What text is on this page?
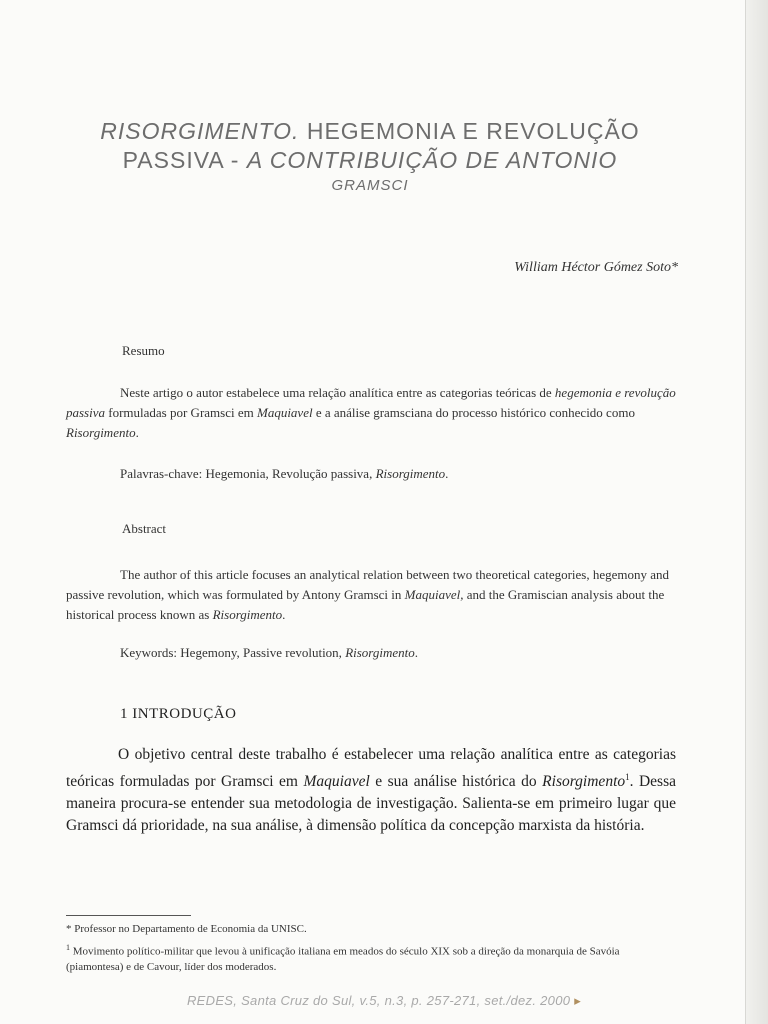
RISORGIMENTO. HEGEMONIA E REVOLUÇÃO
PASSIVA - A CONTRIBUIÇÃO DE ANTONIO
GRAMSCI
William Héctor Gómez Soto*
Resumo
Neste artigo o autor estabelece uma relação analítica entre as categorias teóricas de hegemonia e revolução passiva formuladas por Gramsci em Maquiavel e a análise gramsciana do processo histórico conhecido como Risorgimento.
Palavras-chave: Hegemonia, Revolução passiva, Risorgimento.
Abstract
The author of this article focuses an analytical relation between two theoretical categories, hegemony and passive revolution, which was formulated by Antony Gramsci in Maquiavel, and the Gramiscian analysis about the historical process known as Risorgimento.
Keywords: Hegemony, Passive revolution, Risorgimento.
1 INTRODUÇÃO
O objetivo central deste trabalho é estabelecer uma relação analítica entre as categorias teóricas formuladas por Gramsci em Maquiavel e sua análise histórica do Risorgimento$^1$. Dessa maneira procura-se entender sua metodologia de investigação. Salienta-se em primeiro lugar que Gramsci dá prioridade, na sua análise, à dimensão política da concepção marxista da história.
* Professor no Departamento de Economia da UNISC.
$^1$ Movimento político-militar que levou à unificação italiana em meados do século XIX sob a direção da monarquia de Savóia (piamontesa) e de Cavour, líder dos moderados.
REDES, Santa Cruz do Sul, v.5, n.3, p. 257-271, set./dez. 2000 ▸
